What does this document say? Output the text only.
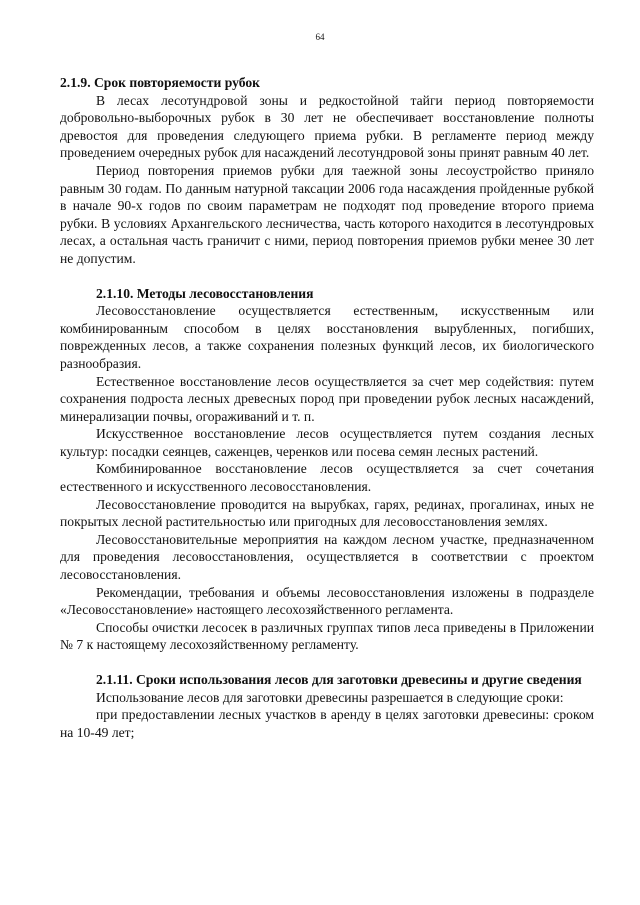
64

2.1.9. Срок повторяемости рубок

В лесах лесотундровой зоны и редкостойной тайги период повторяемости добровольно-выборочных рубок в 30 лет не обеспечивает восстановление полноты древостоя для проведения следующего приема рубки. В регламенте период между проведением очередных рубок для насаждений лесотундровой зоны принят равным 40 лет.

Период повторения приемов рубки для таежной зоны лесоустройство приняло равным 30 годам. По данным натурной таксации 2006 года насаждения пройденные рубкой в начале 90-х годов по своим параметрам не подходят под проведение второго приема рубки. В условиях Архангельского лесничества, часть которого находится в лесотундровых лесах, а остальная часть граничит с ними, период повторения приемов рубки менее 30 лет не допустим.

2.1.10. Методы лесовосстановления

Лесовосстановление осуществляется естественным, искусственным или комбинированным способом в целях восстановления вырубленных, погибших, поврежденных лесов, а также сохранения полезных функций лесов, их биологического разнообразия.

Естественное восстановление лесов осуществляется за счет мер содействия: путем сохранения подроста лесных древесных пород при проведении рубок лесных насаждений, минерализации почвы, огораживаний и т. п.

Искусственное восстановление лесов осуществляется путем создания лесных культур: посадки сеянцев, саженцев, черенков или посева семян лесных растений.

Комбинированное восстановление лесов осуществляется за счет сочетания естественного и искусственного лесовосстановления.

Лесовосстановление проводится на вырубках, гарях, рединах, прогалинах, иных не покрытых лесной растительностью или пригодных для лесовосстановления землях.

Лесовосстановительные мероприятия на каждом лесном участке, предназначенном для проведения лесовосстановления, осуществляется в соответствии с проектом лесовосстановления.

Рекомендации, требования и объемы лесовосстановления изложены в подразделе «Лесовосстановление» настоящего лесохозяйственного регламента.

Способы очистки лесосек в различных группах типов леса приведены в Приложении № 7 к настоящему лесохозяйственному регламенту.

2.1.11. Сроки использования лесов для заготовки древесины и другие сведения

Использование лесов для заготовки древесины разрешается в следующие сроки:

при предоставлении лесных участков в аренду в целях заготовки древесины: сроком на 10-49 лет;
